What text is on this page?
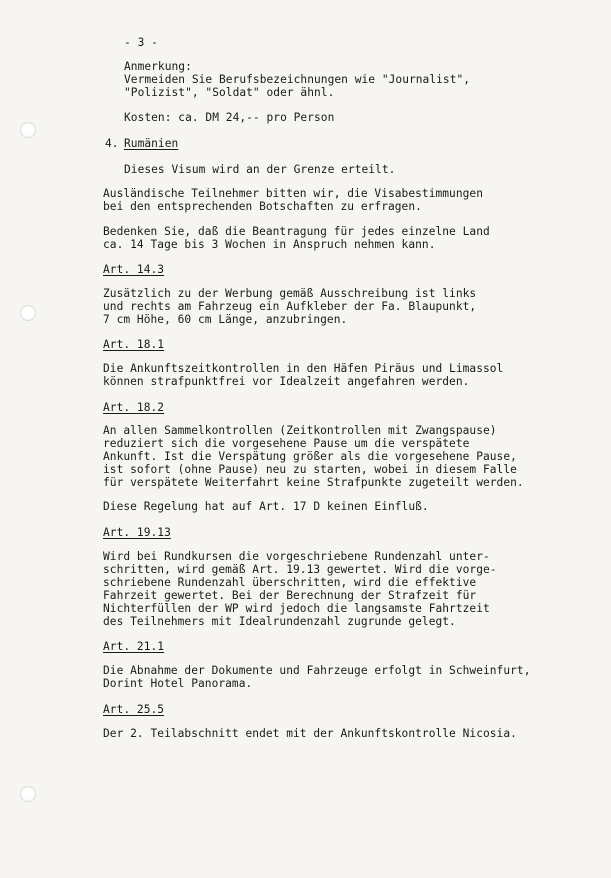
- 3 -
Anmerkung:
Vermeiden Sie Berufsbezeichnungen wie "Journalist",
"Polizist", "Soldat" oder ähnl.
Kosten: ca. DM 24,-- pro Person
4. Rumänien
Dieses Visum wird an der Grenze erteilt.
Ausländische Teilnehmer bitten wir, die Visabestimmungen
bei den entsprechenden Botschaften zu erfragen.
Bedenken Sie, daß die Beantragung für jedes einzelne Land
ca. 14 Tage bis 3 Wochen in Anspruch nehmen kann.
Art. 14.3
Zusätzlich zu der Werbung gemäß Ausschreibung ist links
und rechts am Fahrzeug ein Aufkleber der Fa. Blaupunkt,
7 cm Höhe, 60 cm Länge, anzubringen.
Art. 18.1
Die Ankunftszeitkontrollen in den Häfen Piräus und Limassol
können strafpunktfrei vor Idealzeit angefahren werden.
Art. 18.2
An allen Sammelkontrollen (Zeitkontrollen mit Zwangspause)
reduziert sich die vorgesehene Pause um die verspätete
Ankunft. Ist die Verspätung größer als die vorgesehene Pause,
ist sofort (ohne Pause) neu zu starten, wobei in diesem Falle
für verspätete Weiterfahrt keine Strafpunkte zugeteilt werden.
Diese Regelung hat auf Art. 17 D keinen Einfluß.
Art. 19.13
Wird bei Rundkursen die vorgeschriebene Rundenzahl unter-
schritten, wird gemäß Art. 19.13 gewertet. Wird die vorge-
schriebene Rundenzahl überschritten, wird die effektive
Fahrzeit gewertet. Bei der Berechnung der Strafzeit für
Nichterfüllen der WP wird jedoch die langsamste Fahrtzeit
des Teilnehmers mit Idealrundenzahl zugrunde gelegt.
Art. 21.1
Die Abnahme der Dokumente und Fahrzeuge erfolgt in Schweinfurt,
Dorint Hotel Panorama.
Art. 25.5
Der 2. Teilabschnitt endet mit der Ankunftskontrolle Nicosia.
